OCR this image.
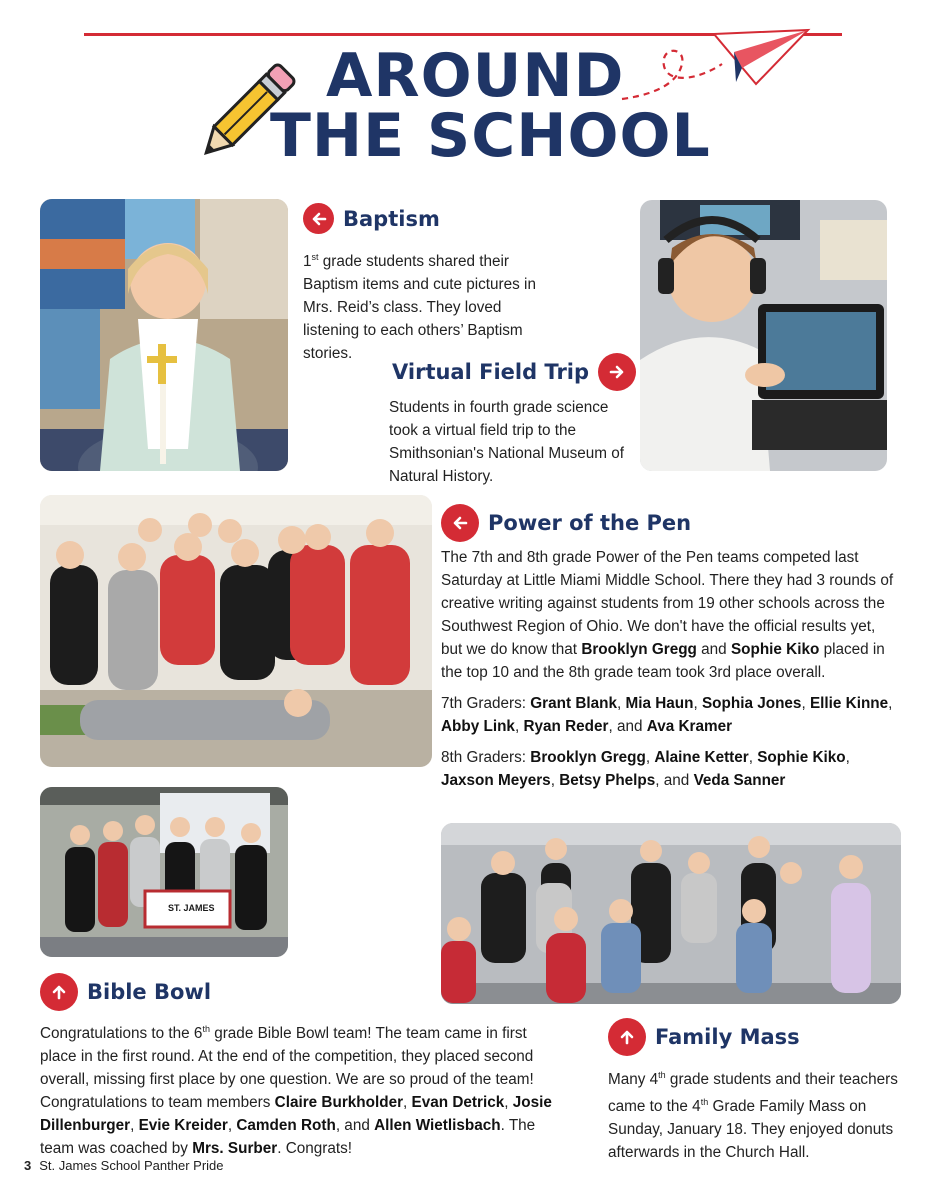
AROUND
THE SCHOOL
Baptism

1st grade students shared their Baptism items and cute pictures in Mrs. Reid’s class. They loved listening to each others’ Baptism stories.

Virtual Field Trip

Students in fourth grade science took a virtual field trip to the Smithsonian's National Museum of Natural History.

Power of the Pen

The 7th and 8th grade Power of the Pen teams competed last Saturday at Little Miami Middle School. There they had 3 rounds of creative writing against students from 19 other schools across the Southwest Region of Ohio. We don't have the official results yet, but we do know that Brooklyn Gregg and Sophie Kiko placed in the top 10 and the 8th grade team took 3rd place overall.

7th Graders: Grant Blank, Mia Haun, Sophia Jones, Ellie Kinne, Abby Link, Ryan Reder, and Ava Kramer

8th Graders: Brooklyn Gregg, Alaine Ketter, Sophie Kiko, Jaxson Meyers, Betsy Phelps, and Veda Sanner

ST. JAMES
Bible Bowl

Congratulations to the 6th grade Bible Bowl team! The team came in first place in the first round. At the end of the competition, they placed second overall, missing first place by one question. We are so proud of the team! Congratulations to team members Claire Burkholder, Evan Detrick, Josie Dillenburger, Evie Kreider, Camden Roth, and Allen Wietlisbach. The team was coached by Mrs. Surber. Congrats!

Family Mass

Many 4th grade students and their teachers came to the 4th Grade Family Mass on Sunday, January 18. They enjoyed donuts afterwards in the Church Hall.

3 St. James School Panther Pride
